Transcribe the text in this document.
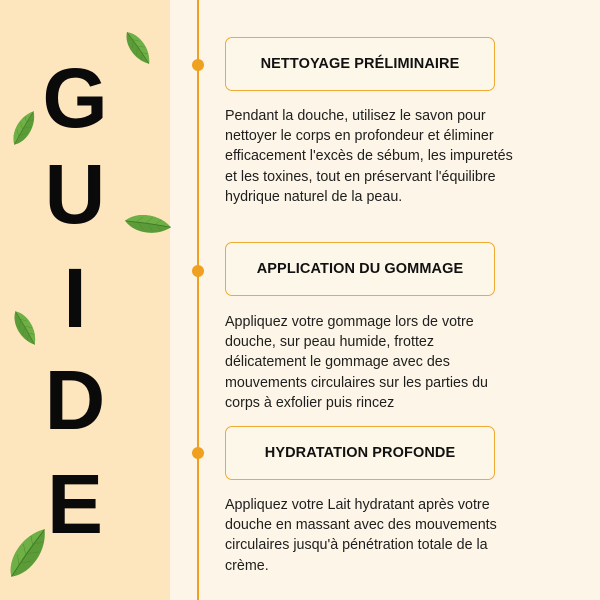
G
U
I
D
E
NETTOYAGE PRÉLIMINAIRE
Pendant la douche, utilisez le savon pour nettoyer le corps en profondeur et éliminer efficacement l'excès de sébum, les impuretés et les toxines, tout en préservant l'équilibre hydrique naturel de la peau.
APPLICATION DU GOMMAGE
Appliquez votre gommage lors de votre douche, sur peau humide, frottez délicatement le gommage avec des mouvements circulaires sur les parties du corps à exfolier puis rincez
HYDRATATION PROFONDE
Appliquez votre Lait hydratant après votre douche en massant avec des mouvements circulaires jusqu'à pénétration totale de la crème.
